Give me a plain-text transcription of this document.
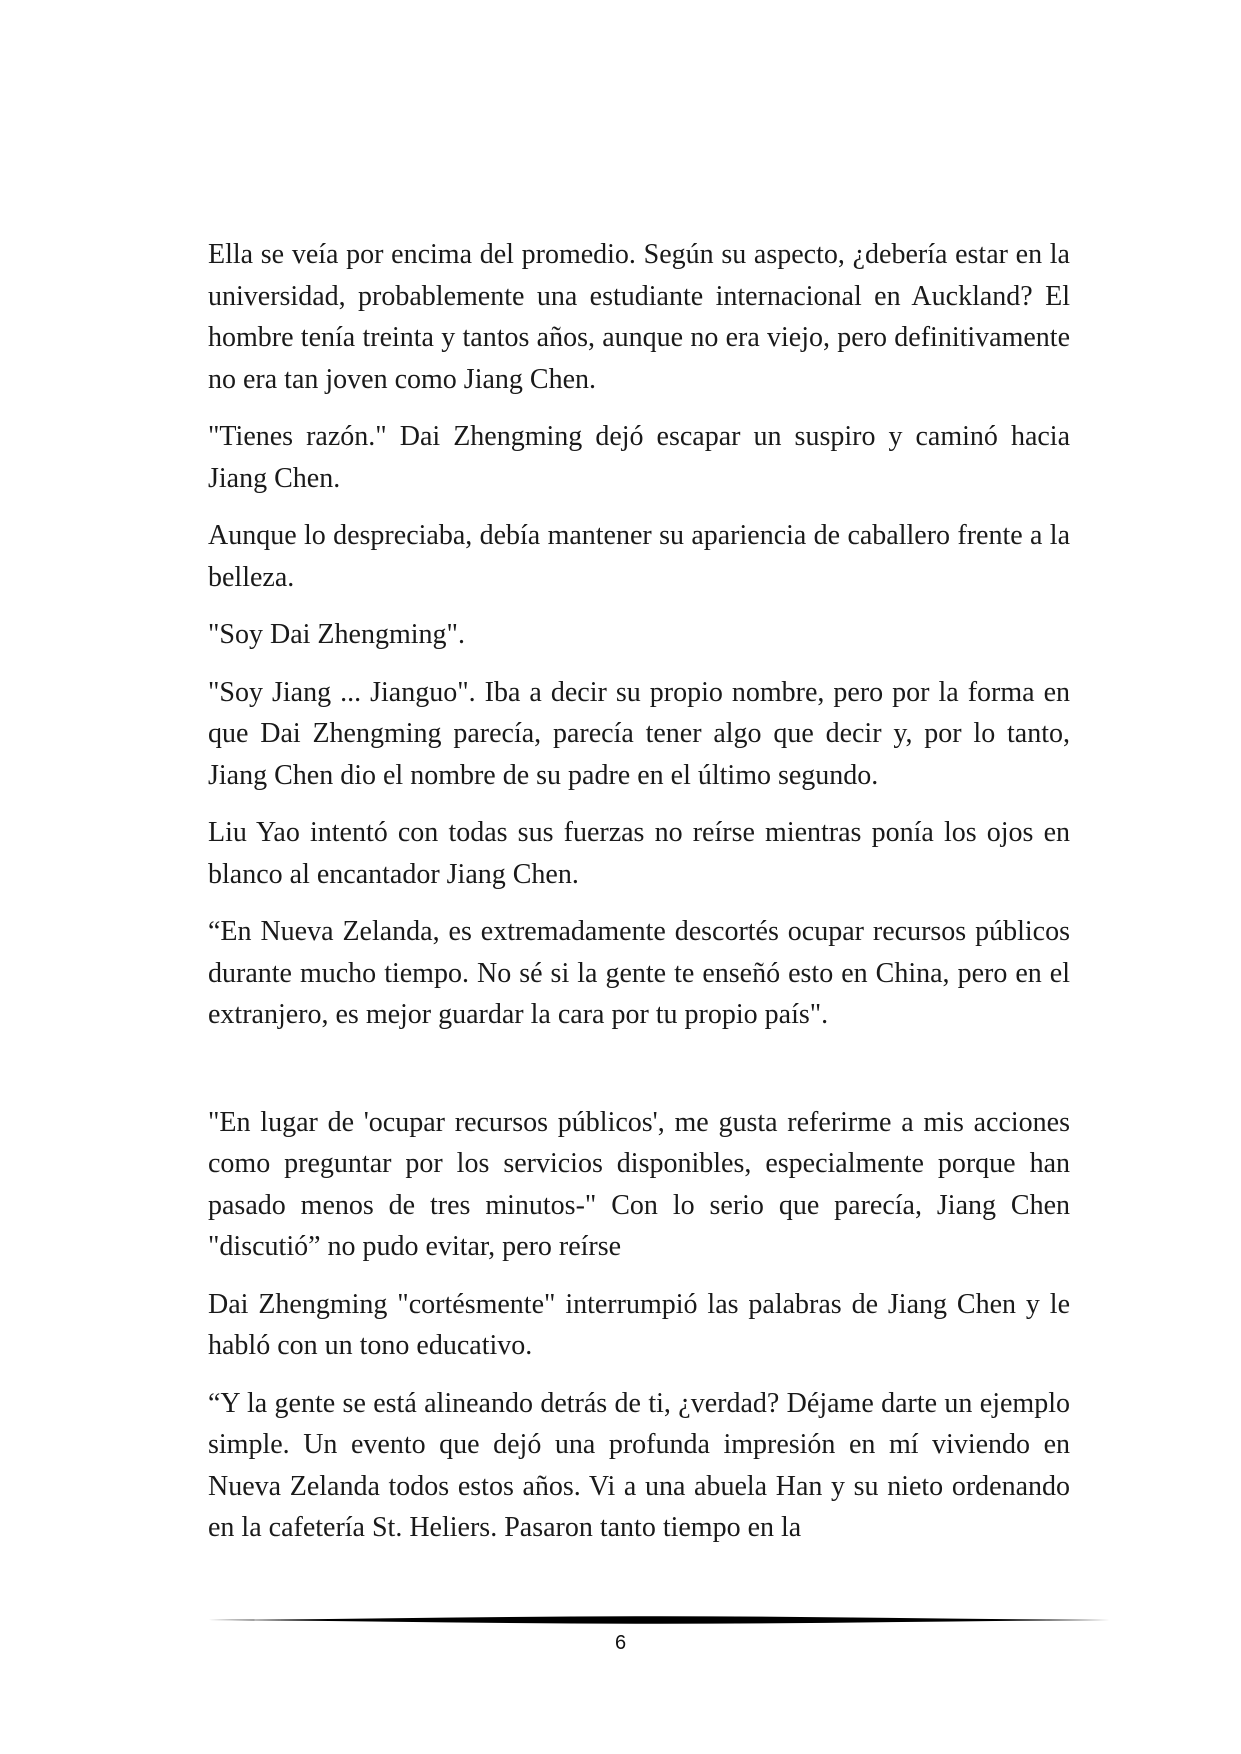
Ella se veía por encima del promedio. Según su aspecto, ¿debería estar en la universidad, probablemente una estudiante internacional en Auckland? El hombre tenía treinta y tantos años, aunque no era viejo, pero definitivamente no era tan joven como Jiang Chen.

"Tienes razón." Dai Zhengming dejó escapar un suspiro y caminó hacia Jiang Chen.

Aunque lo despreciaba, debía mantener su apariencia de caballero frente a la belleza.

"Soy Dai Zhengming".

"Soy Jiang ... Jianguo". Iba a decir su propio nombre, pero por la forma en que Dai Zhengming parecía, parecía tener algo que decir y, por lo tanto, Jiang Chen dio el nombre de su padre en el último segundo.

Liu Yao intentó con todas sus fuerzas no reírse mientras ponía los ojos en blanco al encantador Jiang Chen.

“En Nueva Zelanda, es extremadamente descortés ocupar recursos públicos durante mucho tiempo. No sé si la gente te enseñó esto en China, pero en el extranjero, es mejor guardar la cara por tu propio país".

"En lugar de 'ocupar recursos públicos', me gusta referirme a mis acciones como preguntar por los servicios disponibles, especialmente porque han pasado menos de tres minutos-" Con lo serio que parecía, Jiang Chen "discutió” no pudo evitar, pero reírse

Dai Zhengming "cortésmente" interrumpió las palabras de Jiang Chen y le habló con un tono educativo.

“Y la gente se está alineando detrás de ti, ¿verdad? Déjame darte un ejemplo simple. Un evento que dejó una profunda impresión en mí viviendo en Nueva Zelanda todos estos años. Vi a una abuela Han y su nieto ordenando en la cafetería St. Heliers. Pasaron tanto tiempo en la

6
